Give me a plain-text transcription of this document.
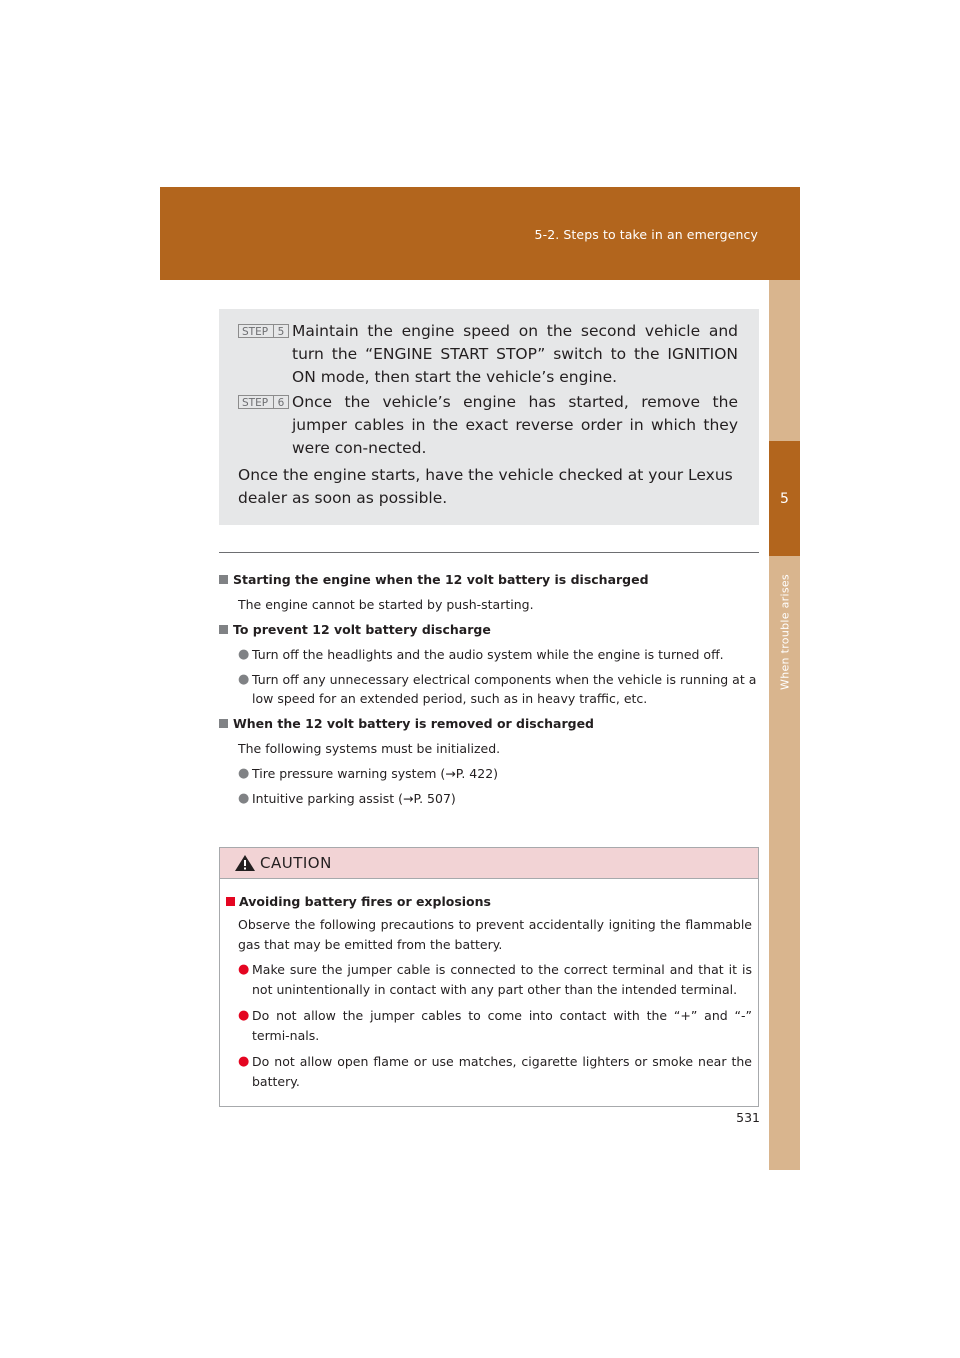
5-2. Steps to take in an emergency
5
When trouble arises
STEP 5 Maintain the engine speed on the second vehicle and turn the “ENGINE START STOP” switch to the IGNITION ON mode, then start the vehicle’s engine.
STEP 6 Once the vehicle’s engine has started, remove the jumper cables in the exact reverse order in which they were con-nected.
Once the engine starts, have the vehicle checked at your Lexus dealer as soon as possible.
Starting the engine when the 12 volt battery is discharged
The engine cannot be started by push-starting.
To prevent 12 volt battery discharge
● Turn off the headlights and the audio system while the engine is turned off.
● Turn off any unnecessary electrical components when the vehicle is running at a low speed for an extended period, such as in heavy traffic, etc.
When the 12 volt battery is removed or discharged
The following systems must be initialized.
● Tire pressure warning system (→P. 422)
● Intuitive parking assist (→P. 507)
CAUTION
Avoiding battery fires or explosions
Observe the following precautions to prevent accidentally igniting the flammable gas that may be emitted from the battery.
● Make sure the jumper cable is connected to the correct terminal and that it is not unintentionally in contact with any part other than the intended terminal.
● Do not allow the jumper cables to come into contact with the “+” and “-” termi-nals.
● Do not allow open flame or use matches, cigarette lighters or smoke near the battery.
531
